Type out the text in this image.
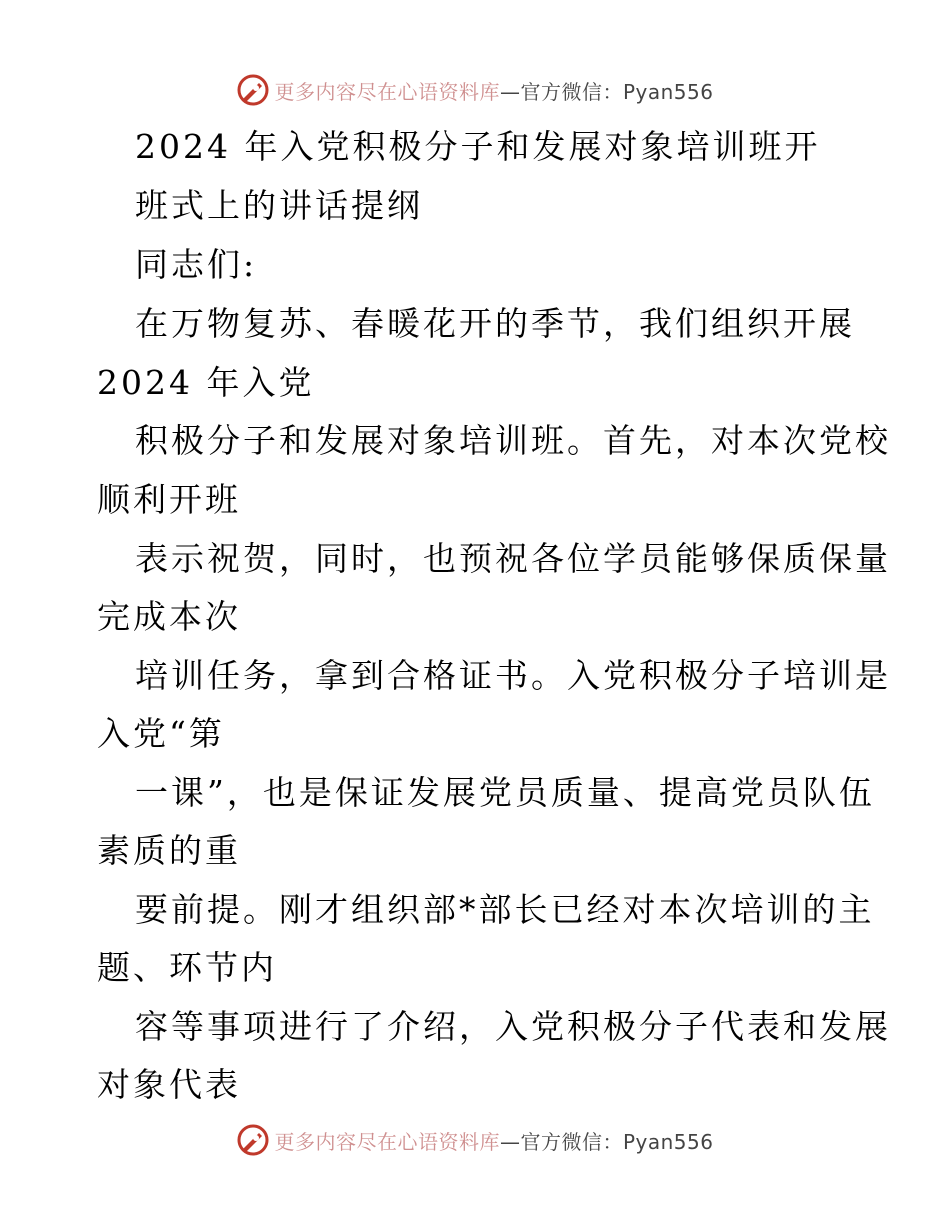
更多内容尽在心语资料库 —官方微信：Pyan556
2024 年入党积极分子和发展对象培训班开
班式上的讲话提纲
同志们:
在万物复苏、春暖花开的季节，我们组织开展
2024 年入党
积极分子和发展对象培训班。首先，对本次党校
顺利开班
表示祝贺，同时，也预祝各位学员能够保质保量
完成本次
培训任务，拿到合格证书。入党积极分子培训是
入党“第
一课”，也是保证发展党员质量、提高党员队伍
素质的重
要前提。刚才组织部*部长已经对本次培训的主
题、环节内
容等事项进行了介绍，入党积极分子代表和发展
对象代表
更多内容尽在心语资料库 —官方微信：Pyan556
